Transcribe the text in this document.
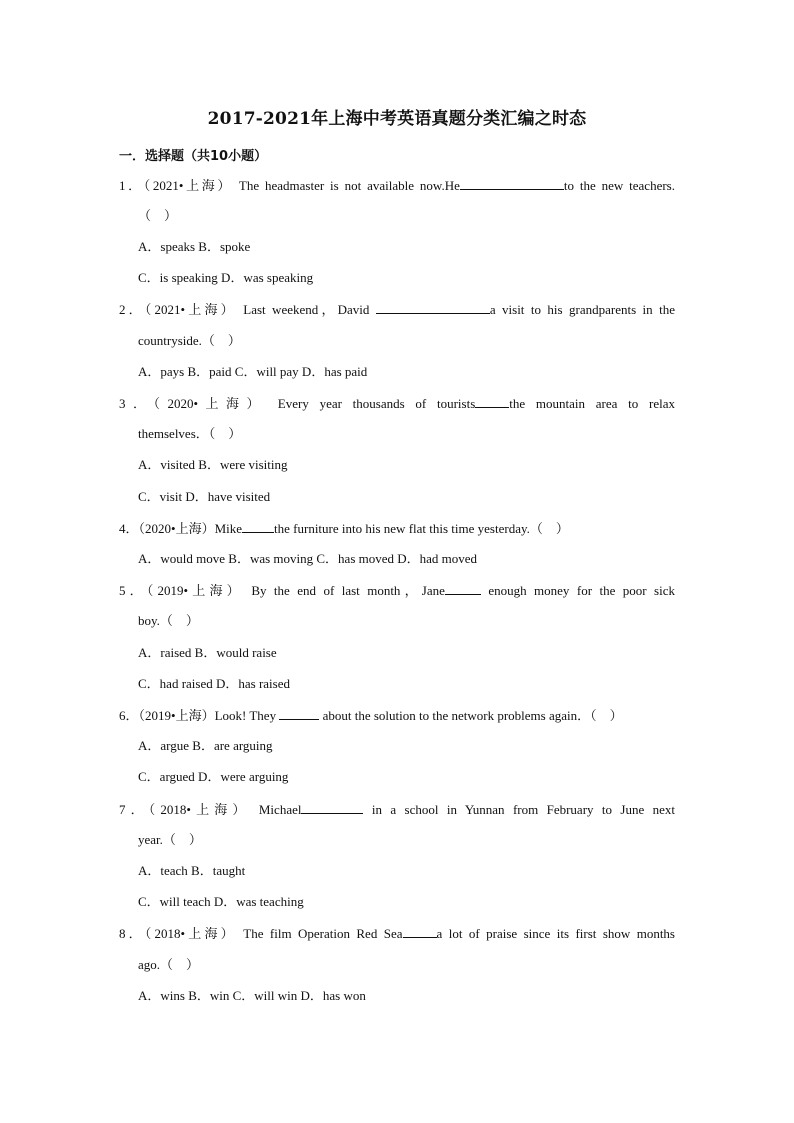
2017-2021年上海中考英语真题分类汇编之时态
一．选择题（共10小题）
1．（2021•上海） The headmaster is not available now.He	to the new teachers.
（　）
A．speaks B．spoke
C．is speaking D．was speaking
2．（2021•上海） Last weekend，David	a visit to his grandparents in the
countryside.（　）
A．pays B．paid C．will pay D．has paid
3．（2020•上海） Every year thousands of tourists	the mountain area to relax
themselves．（　）
A．visited B．were visiting
C．visit D．have visited
4．（2020•上海）Mike the furniture into his new flat this time yesterday.（　）
A．would move B．was moving C．has moved D．had moved
5．（2019•上海） By the end of last month，Jane	enough money for the poor sick
boy.（　）
A．raised B．would raise
C．had raised D．has raised
6．（2019•上海）Look! They	about the solution to the network problems again．（　）
A．argue B．are arguing
C．argued D．were arguing
7．（2018•上海） Michael	in a school in Yunnan from February to June next
year.（　）
A．teach B．taught
C．will teach D．was teaching
8．（2018•上海） The film Operation Red Sea	a lot of praise since its first show months
ago.（　）
A．wins B．win C．will win D．has won
